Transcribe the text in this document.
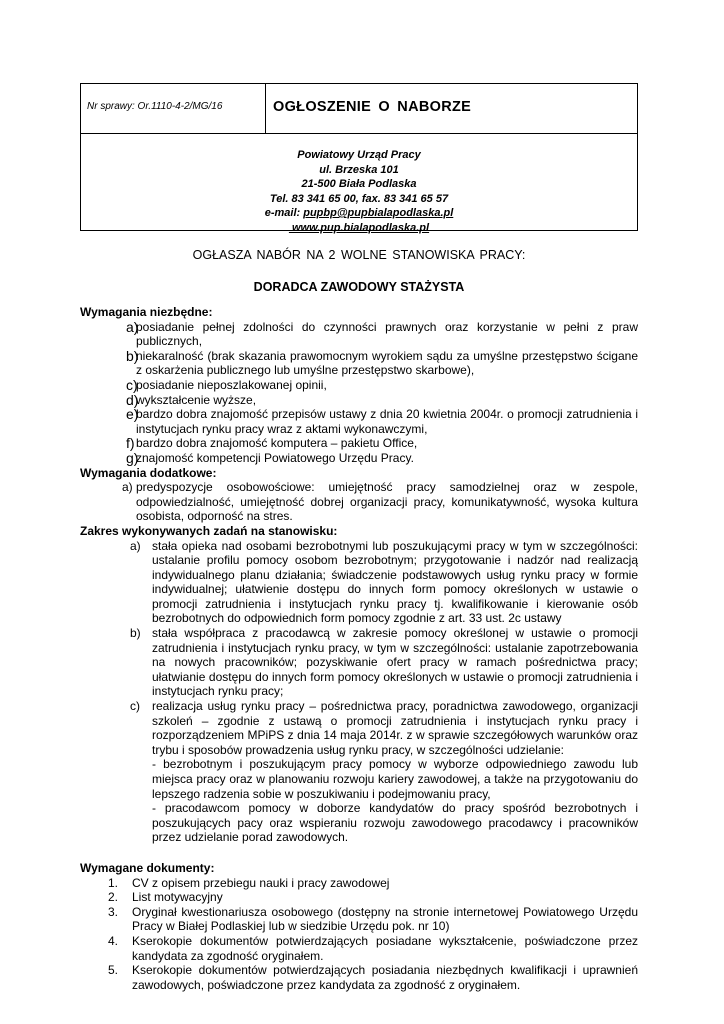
Nr sprawy: Or.1110-4-2/MG/16	OGŁOSZENIE O NABORZE
Powiatowy Urząd Pracy
ul. Brzeska 101
21-500 Biała Podlaska
Tel. 83 341 65 00, fax. 83 341 65 57
e-mail: pupbp@pupbialapodlaska.pl
www.pup.bialapodlaska.pl
OGŁASZA NABÓR NA 2 WOLNE STANOWISKA PRACY:
DORADCA ZAWODOWY STAŻYSTA
Wymagania niezbędne:
a)
posiadanie pełnej zdolności do czynności prawnych oraz korzystanie w pełni z praw publicznych,
b)
niekaralność (brak skazania prawomocnym wyrokiem sądu za umyślne przestępstwo ścigane z oskarżenia publicznego lub umyślne przestępstwo skarbowe),
c)
posiadanie nieposzlakowanej opinii,
d)
wykształcenie wyższe,
e)
bardzo dobra znajomość przepisów ustawy z dnia 20 kwietnia 2004r. o promocji zatrudnienia i instytucjach rynku pracy wraz z aktami wykonawczymi,
f) bardzo dobra znajomość komputera – pakietu Office,
g)
znajomość kompetencji Powiatowego Urzędu Pracy.
Wymagania dodatkowe:
a) predyspozycje osobowościowe: umiejętność pracy samodzielnej oraz w zespole, odpowiedzialność, umiejętność dobrej organizacji pracy, komunikatywność, wysoka kultura osobista, odporność na stres.
Zakres wykonywanych zadań na stanowisku:
a) stała opieka nad osobami bezrobotnymi lub poszukującymi pracy w tym w szczególności: ustalanie profilu pomocy osobom bezrobotnym; przygotowanie i nadzór nad realizacją indywidualnego planu działania; świadczenie podstawowych usług rynku pracy w formie indywidualnej; ułatwienie dostępu do innych form pomocy określonych w ustawie o promocji zatrudnienia i instytucjach rynku pracy tj. kwalifikowanie i kierowanie osób bezrobotnych do odpowiednich form pomocy zgodnie z art. 33 ust. 2c ustawy
b) stała współpraca z pracodawcą w zakresie pomocy określonej w ustawie o promocji zatrudnienia i instytucjach rynku pracy, w tym w szczególności: ustalanie zapotrzebowania na nowych pracowników; pozyskiwanie ofert pracy w ramach pośrednictwa pracy; ułatwianie dostępu do innych form pomocy określonych w ustawie o promocji zatrudnienia i instytucjach rynku pracy;
c) realizacja usług rynku pracy – pośrednictwa pracy, poradnictwa zawodowego, organizacji szkoleń – zgodnie z ustawą o promocji zatrudnienia i instytucjach rynku pracy i rozporządzeniem MPiPS z dnia 14 maja 2014r. z w sprawie szczegółowych warunków oraz trybu i sposobów prowadzenia usług rynku pracy, w szczególności udzielanie:
- bezrobotnym i poszukującym pracy pomocy w wyborze odpowiedniego zawodu lub miejsca pracy oraz w planowaniu rozwoju kariery zawodowej, a także na przygotowaniu do lepszego radzenia sobie w poszukiwaniu i podejmowaniu pracy,
- pracodawcom pomocy w doborze kandydatów do pracy spośród bezrobotnych i poszukujących pacy oraz wspieraniu rozwoju zawodowego pracodawcy i pracowników przez udzielanie porad zawodowych.
Wymagane dokumenty:
1. CV z opisem przebiegu nauki i pracy zawodowej
2. List motywacyjny
3. Oryginał kwestionariusza osobowego (dostępny na stronie internetowej Powiatowego Urzędu Pracy w Białej Podlaskiej lub w siedzibie Urzędu pok. nr 10)
4. Kserokopie dokumentów potwierdzających posiadane wykształcenie, poświadczone przez kandydata za zgodność oryginałem.
5. Kserokopie dokumentów potwierdzających posiadania niezbędnych kwalifikacji i uprawnień zawodowych, poświadczone przez kandydata za zgodność z oryginałem.
